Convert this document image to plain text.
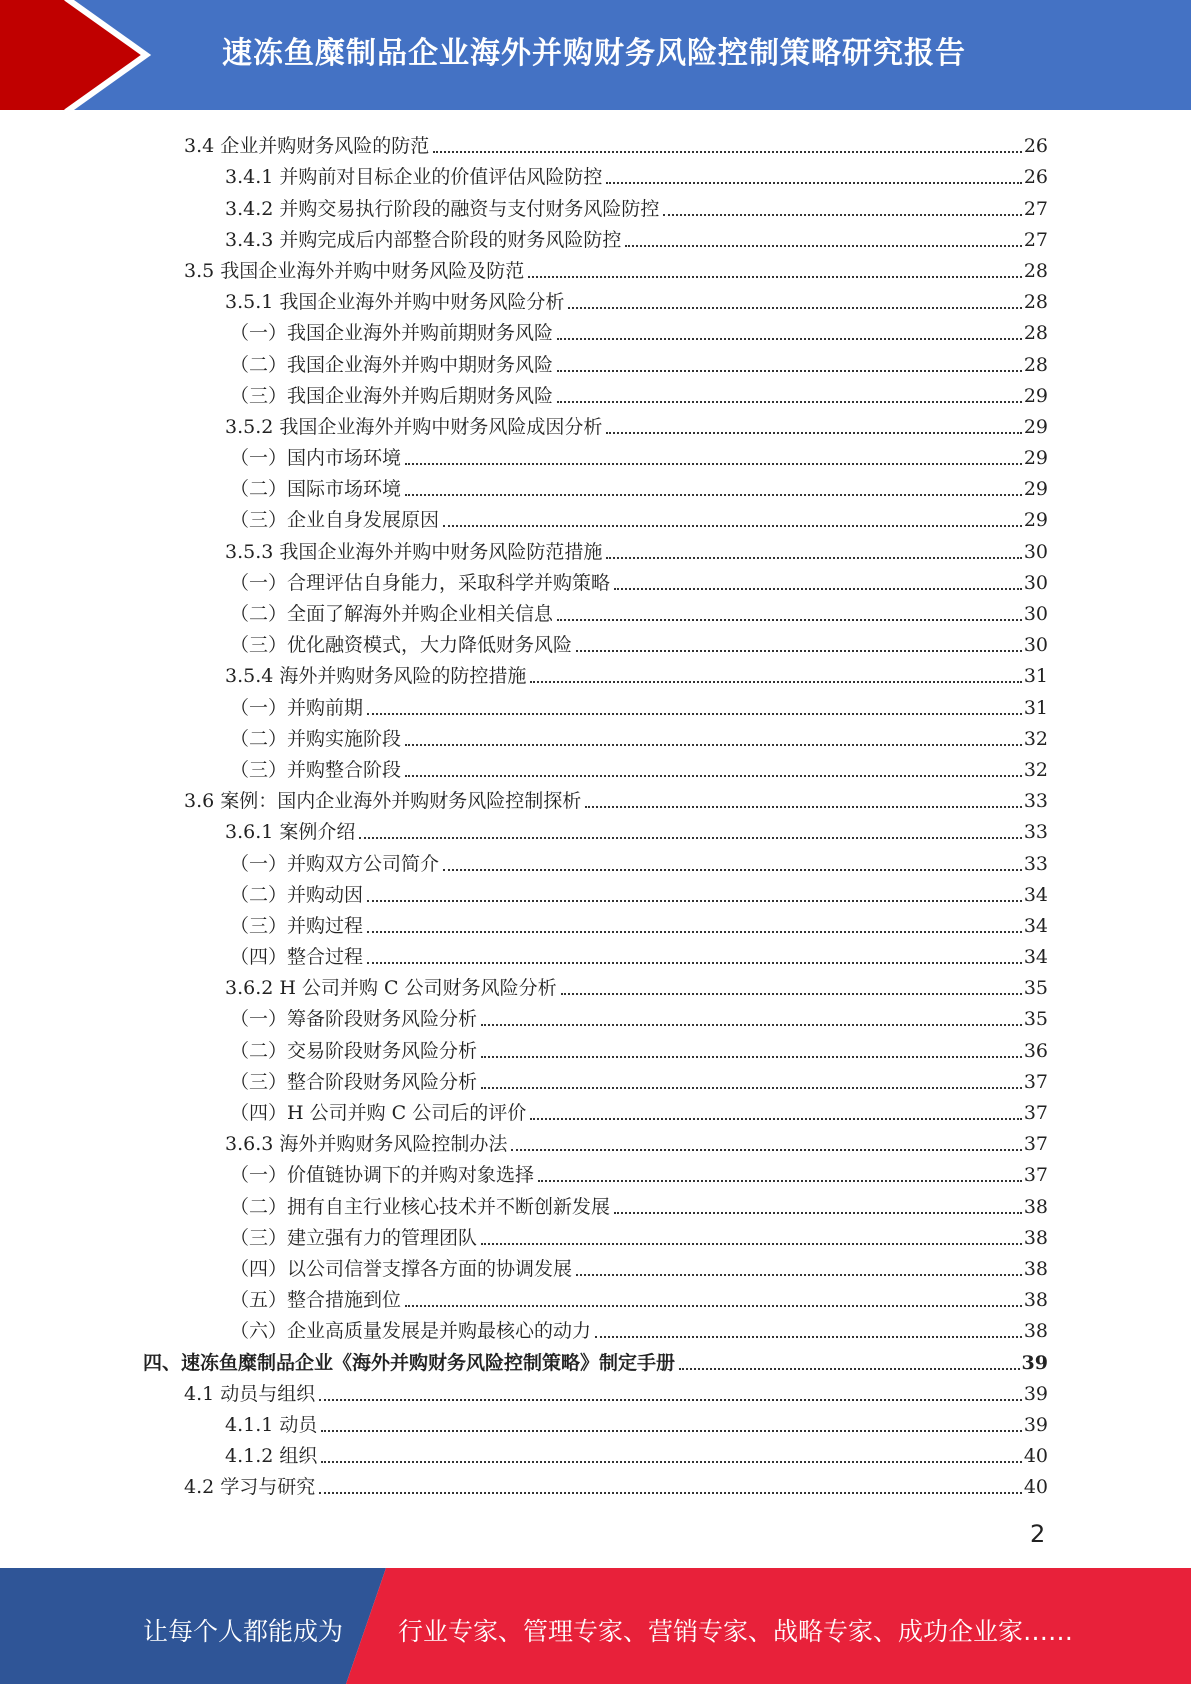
速冻鱼糜制品企业海外并购财务风险控制策略研究报告
3.4 企业并购财务风险的防范	26
3.4.1 并购前对目标企业的价值评估风险防控	26
3.4.2 并购交易执行阶段的融资与支付财务风险防控	27
3.4.3 并购完成后内部整合阶段的财务风险防控	27
3.5 我国企业海外并购中财务风险及防范	28
3.5.1 我国企业海外并购中财务风险分析	28
（一）我国企业海外并购前期财务风险	28
（二）我国企业海外并购中期财务风险	28
（三）我国企业海外并购后期财务风险	29
3.5.2 我国企业海外并购中财务风险成因分析	29
（一）国内市场环境	29
（二）国际市场环境	29
（三）企业自身发展原因	29
3.5.3 我国企业海外并购中财务风险防范措施	30
（一）合理评估自身能力，采取科学并购策略	30
（二）全面了解海外并购企业相关信息	30
（三）优化融资模式，大力降低财务风险	30
3.5.4 海外并购财务风险的防控措施	31
（一）并购前期	31
（二）并购实施阶段	32
（三）并购整合阶段	32
3.6 案例：国内企业海外并购财务风险控制探析	33
3.6.1 案例介绍	33
（一）并购双方公司简介	33
（二）并购动因	34
（三）并购过程	34
（四）整合过程	34
3.6.2 H 公司并购 C 公司财务风险分析	35
（一）筹备阶段财务风险分析	35
（二）交易阶段财务风险分析	36
（三）整合阶段财务风险分析	37
（四）H 公司并购 C 公司后的评价	37
3.6.3 海外并购财务风险控制办法	37
（一）价值链协调下的并购对象选择	37
（二）拥有自主行业核心技术并不断创新发展	38
（三）建立强有力的管理团队	38
（四）以公司信誉支撑各方面的协调发展	38
（五）整合措施到位	38
（六）企业高质量发展是并购最核心的动力	38
四、速冻鱼糜制品企业《海外并购财务风险控制策略》制定手册	39
4.1 动员与组织	39
4.1.1 动员	39
4.1.2 组织	40
4.2 学习与研究	40
2
让每个人都能成为 行业专家、管理专家、营销专家、战略专家、成功企业家……
